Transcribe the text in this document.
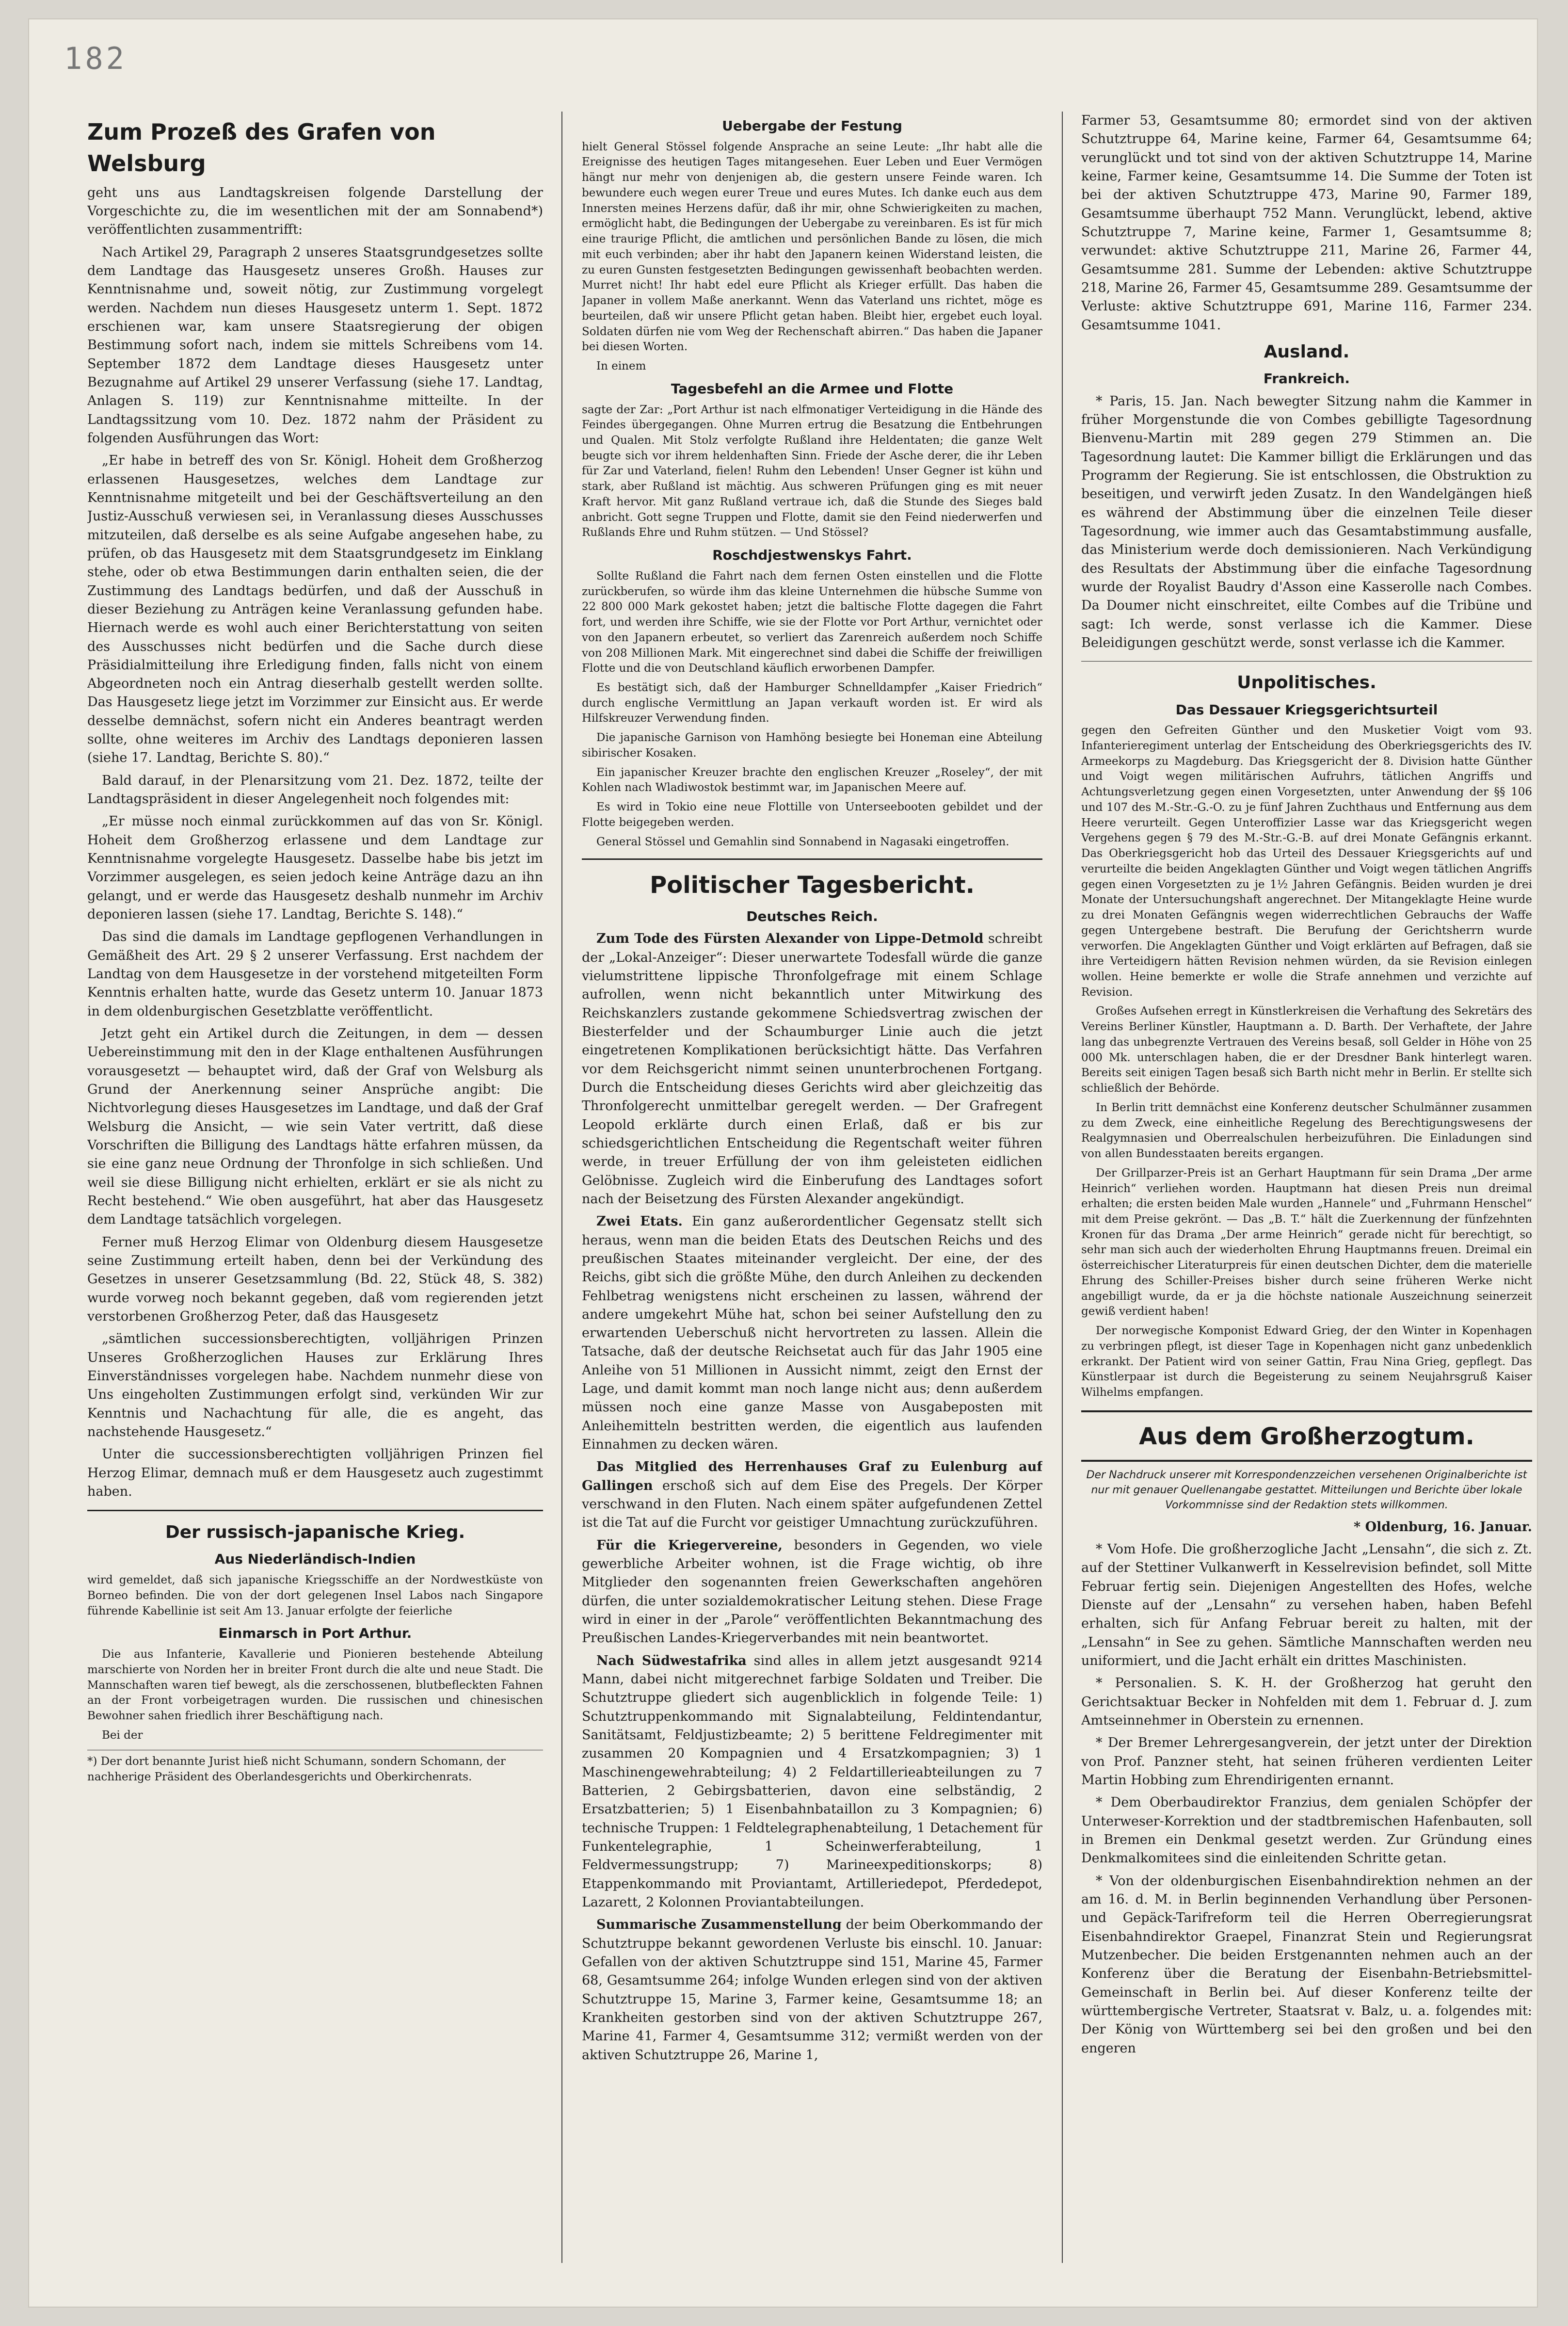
182
Zum Prozeß des Grafen von Welsburg

geht uns aus Landtagskreisen folgende Darstellung der Vorgeschichte zu, die im wesentlichen mit der am Sonnabend*) veröffentlichten zusammentrifft:

Nach Artikel 29, Paragraph 2 unseres Staatsgrundgesetzes sollte dem Landtage das Hausgesetz unseres Großh. Hauses zur Kenntnisnahme und, soweit nötig, zur Zustimmung vorgelegt werden. Nachdem nun dieses Hausgesetz unterm 1. Sept. 1872 erschienen war, kam unsere Staatsregierung der obigen Bestimmung sofort nach, indem sie mittels Schreibens vom 14. September 1872 dem Landtage dieses Hausgesetz unter Bezugnahme auf Artikel 29 unserer Verfassung (siehe 17. Landtag, Anlagen S. 119) zur Kenntnisnahme mitteilte. In der Landtagssitzung vom 10. Dez. 1872 nahm der Präsident zu folgenden Ausführungen das Wort:

„Er habe in betreff des von Sr. Königl. Hoheit dem Großherzog erlassenen Hausgesetzes, welches dem Landtage zur Kenntnisnahme mitgeteilt und bei der Geschäftsverteilung an den Justiz-Ausschuß verwiesen sei, in Veranlassung dieses Ausschusses mitzuteilen, daß derselbe es als seine Aufgabe angesehen habe, zu prüfen, ob das Hausgesetz mit dem Staatsgrundgesetz im Einklang stehe, oder ob etwa Bestimmungen darin enthalten seien, die der Zustimmung des Landtags bedürfen, und daß der Ausschuß in dieser Beziehung zu Anträgen keine Veranlassung gefunden habe. Hiernach werde es wohl auch einer Berichterstattung von seiten des Ausschusses nicht bedürfen und die Sache durch diese Präsidialmitteilung ihre Erledigung finden, falls nicht von einem Abgeordneten noch ein Antrag dieserhalb gestellt werden sollte. Das Hausgesetz liege jetzt im Vorzimmer zur Einsicht aus. Er werde desselbe demnächst, sofern nicht ein Anderes beantragt werden sollte, ohne weiteres im Archiv des Landtags deponieren lassen (siehe 17. Landtag, Berichte S. 80).“

Bald darauf, in der Plenarsitzung vom 21. Dez. 1872, teilte der Landtagspräsident in dieser Angelegenheit noch folgendes mit:

„Er müsse noch einmal zurückkommen auf das von Sr. Königl. Hoheit dem Großherzog erlassene und dem Landtage zur Kenntnisnahme vorgelegte Hausgesetz. Dasselbe habe bis jetzt im Vorzimmer ausgelegen, es seien jedoch keine Anträge dazu an ihn gelangt, und er werde das Hausgesetz deshalb nunmehr im Archiv deponieren lassen (siehe 17. Landtag, Berichte S. 148).“

Das sind die damals im Landtage gepflogenen Verhandlungen in Gemäßheit des Art. 29 § 2 unserer Verfassung. Erst nachdem der Landtag von dem Hausgesetze in der vorstehend mitgeteilten Form Kenntnis erhalten hatte, wurde das Gesetz unterm 10. Januar 1873 in dem oldenburgischen Gesetzblatte veröffentlicht.

Jetzt geht ein Artikel durch die Zeitungen, in dem — dessen Uebereinstimmung mit den in der Klage enthaltenen Ausführungen vorausgesetzt — behauptet wird, daß der Graf von Welsburg als Grund der Anerkennung seiner Ansprüche angibt: Die Nichtvorlegung dieses Hausgesetzes im Landtage, und daß der Graf Welsburg die Ansicht, — wie sein Vater vertritt, daß diese Vorschriften die Billigung des Landtags hätte erfahren müssen, da sie eine ganz neue Ordnung der Thronfolge in sich schließen. Und weil sie diese Billigung nicht erhielten, erklärt er sie als nicht zu Recht bestehend.“ Wie oben ausgeführt, hat aber das Hausgesetz dem Landtage tatsächlich vorgelegen.

Ferner muß Herzog Elimar von Oldenburg diesem Hausgesetze seine Zustimmung erteilt haben, denn bei der Verkündung des Gesetzes in unserer Gesetzsammlung (Bd. 22, Stück 48, S. 382) wurde vorweg noch bekannt gegeben, daß vom regierenden jetzt verstorbenen Großherzog Peter, daß das Hausgesetz

„sämtlichen successionsberechtigten, volljährigen Prinzen Unseres Großherzoglichen Hauses zur Erklärung Ihres Einverständnisses vorgelegen habe. Nachdem nunmehr diese von Uns eingeholten Zustimmungen erfolgt sind, verkünden Wir zur Kenntnis und Nachachtung für alle, die es angeht, das nachstehende Hausgesetz.“

Unter die successionsberechtigten volljährigen Prinzen fiel Herzog Elimar, demnach muß er dem Hausgesetz auch zugestimmt haben.

Der russisch-japanische Krieg.
Aus Niederländisch-Indien

wird gemeldet, daß sich japanische Kriegsschiffe an der Nordwestküste von Borneo befinden. Die von der dort gelegenen Insel Labos nach Singapore führende Kabellinie ist seit Am 13. Januar erfolgte der feierliche

Einmarsch in Port Arthur.

Die aus Infanterie, Kavallerie und Pionieren bestehende Abteilung marschierte von Norden her in breiter Front durch die alte und neue Stadt. Die Mannschaften waren tief bewegt, als die zerschossenen, blutbefleckten Fahnen an der Front vorbeigetragen wurden. Die russischen und chinesischen Bewohner sahen friedlich ihrer Beschäftigung nach.

Bei der

*) Der dort benannte Jurist hieß nicht Schumann, sondern Schomann, der nachherige Präsident des Oberlandesgerichts und Oberkirchenrats.
Uebergabe der Festung

hielt General Stössel folgende Ansprache an seine Leute: „Ihr habt alle die Ereignisse des heutigen Tages mitangesehen. Euer Leben und Euer Vermögen hängt nur mehr von denjenigen ab, die gestern unsere Feinde waren. Ich bewundere euch wegen eurer Treue und eures Mutes. Ich danke euch aus dem Innersten meines Herzens dafür, daß ihr mir, ohne Schwierigkeiten zu machen, ermöglicht habt, die Bedingungen der Uebergabe zu vereinbaren. Es ist für mich eine traurige Pflicht, die amtlichen und persönlichen Bande zu lösen, die mich mit euch verbinden; aber ihr habt den Japanern keinen Widerstand leisten, die zu euren Gunsten festgesetzten Bedingungen gewissenhaft beobachten werden. Murret nicht! Ihr habt edel eure Pflicht als Krieger erfüllt. Das haben die Japaner in vollem Maße anerkannt. Wenn das Vaterland uns richtet, möge es beurteilen, daß wir unsere Pflicht getan haben. Bleibt hier, ergebet euch loyal. Soldaten dürfen nie vom Weg der Rechenschaft abirren.“ Das haben die Japaner bei diesen Worten.

In einem

Tagesbefehl an die Armee und Flotte

sagte der Zar: „Port Arthur ist nach elfmonatiger Verteidigung in die Hände des Feindes übergegangen. Ohne Murren ertrug die Besatzung die Entbehrungen und Qualen. Mit Stolz verfolgte Rußland ihre Heldentaten; die ganze Welt beugte sich vor ihrem heldenhaften Sinn. Friede der Asche derer, die ihr Leben für Zar und Vaterland, fielen! Ruhm den Lebenden! Unser Gegner ist kühn und stark, aber Rußland ist mächtig. Aus schweren Prüfungen ging es mit neuer Kraft hervor. Mit ganz Rußland vertraue ich, daß die Stunde des Sieges bald anbricht. Gott segne Truppen und Flotte, damit sie den Feind niederwerfen und Rußlands Ehre und Ruhm stützen. — Und Stössel?

Roschdjestwenskys Fahrt.

Sollte Rußland die Fahrt nach dem fernen Osten einstellen und die Flotte zurückberufen, so würde ihm das kleine Unternehmen die hübsche Summe von 22 800 000 Mark gekostet haben; jetzt die baltische Flotte dagegen die Fahrt fort, und werden ihre Schiffe, wie sie der Flotte vor Port Arthur, vernichtet oder von den Japanern erbeutet, so verliert das Zarenreich außerdem noch Schiffe von 208 Millionen Mark. Mit eingerechnet sind dabei die Schiffe der freiwilligen Flotte und die von Deutschland käuflich erworbenen Dampfer.

Es bestätigt sich, daß der Hamburger Schnelldampfer „Kaiser Friedrich“ durch englische Vermittlung an Japan verkauft worden ist. Er wird als Hilfskreuzer Verwendung finden.

Die japanische Garnison von Hamhöng besiegte bei Honeman eine Abteilung sibirischer Kosaken.

Ein japanischer Kreuzer brachte den englischen Kreuzer „Roseley“, der mit Kohlen nach Wladiwostok bestimmt war, im Japanischen Meere auf.

Es wird in Tokio eine neue Flottille von Unterseebooten gebildet und der Flotte beigegeben werden.

General Stössel und Gemahlin sind Sonnabend in Nagasaki eingetroffen.

Politischer Tagesbericht.
Deutsches Reich.

Zum Tode des Fürsten Alexander von Lippe-Detmold schreibt der „Lokal-Anzeiger“: Dieser unerwartete Todesfall würde die ganze vielumstrittene lippische Thronfolgefrage mit einem Schlage aufrollen, wenn nicht bekanntlich unter Mitwirkung des Reichskanzlers zustande gekommene Schiedsvertrag zwischen der Biesterfelder und der Schaumburger Linie auch die jetzt eingetretenen Komplikationen berücksichtigt hätte. Das Verfahren vor dem Reichsgericht nimmt seinen ununterbrochenen Fortgang. Durch die Entscheidung dieses Gerichts wird aber gleichzeitig das Thronfolgerecht unmittelbar geregelt werden. — Der Grafregent Leopold erklärte durch einen Erlaß, daß er bis zur schiedsgerichtlichen Entscheidung die Regentschaft weiter führen werde, in treuer Erfüllung der von ihm geleisteten eidlichen Gelöbnisse. Zugleich wird die Einberufung des Landtages sofort nach der Beisetzung des Fürsten Alexander angekündigt.

Zwei Etats. Ein ganz außerordentlicher Gegensatz stellt sich heraus, wenn man die beiden Etats des Deutschen Reichs und des preußischen Staates miteinander vergleicht. Der eine, der des Reichs, gibt sich die größte Mühe, den durch Anleihen zu deckenden Fehlbetrag wenigstens nicht erscheinen zu lassen, während der andere umgekehrt Mühe hat, schon bei seiner Aufstellung den zu erwartenden Ueberschuß nicht hervortreten zu lassen. Allein die Tatsache, daß der deutsche Reichsetat auch für das Jahr 1905 eine Anleihe von 51 Millionen in Aussicht nimmt, zeigt den Ernst der Lage, und damit kommt man noch lange nicht aus; denn außerdem müssen noch eine ganze Masse von Ausgabeposten mit Anleihemitteln bestritten werden, die eigentlich aus laufenden Einnahmen zu decken wären.

Das Mitglied des Herrenhauses Graf zu Eulenburg auf Gallingen erschoß sich auf dem Eise des Pregels. Der Körper verschwand in den Fluten. Nach einem später aufgefundenen Zettel ist die Tat auf die Furcht vor geistiger Umnachtung zurückzuführen.

Für die Kriegervereine, besonders in Gegenden, wo viele gewerbliche Arbeiter wohnen, ist die Frage wichtig, ob ihre Mitglieder den sogenannten freien Gewerkschaften angehören dürfen, die unter sozialdemokratischer Leitung stehen. Diese Frage wird in einer in der „Parole“ veröffentlichten Bekanntmachung des Preußischen Landes-Kriegerverbandes mit nein beantwortet.

Nach Südwestafrika sind alles in allem jetzt ausgesandt 9214 Mann, dabei nicht mitgerechnet farbige Soldaten und Treiber. Die Schutztruppe gliedert sich augenblicklich in folgende Teile: 1) Schutztruppenkommando mit Signalabteilung, Feldintendantur, Sanitätsamt, Feldjustizbeamte; 2) 5 berittene Feldregimenter mit zusammen 20 Kompagnien und 4 Ersatzkompagnien; 3) 1 Maschinengewehrabteilung; 4) 2 Feldartillerieabteilungen zu 7 Batterien, 2 Gebirgsbatterien, davon eine selbständig, 2 Ersatzbatterien; 5) 1 Eisenbahnbataillon zu 3 Kompagnien; 6) technische Truppen: 1 Feldtelegraphenabteilung, 1 Detachement für Funkentelegraphie, 1 Scheinwerferabteilung, 1 Feldvermessungstrupp; 7) Marineexpeditionskorps; 8) Etappenkommando mit Proviantamt, Artilleriedepot, Pferdedepot, Lazarett, 2 Kolonnen Proviantabteilungen.

Summarische Zusammenstellung der beim Oberkommando der Schutztruppe bekannt gewordenen Verluste bis einschl. 10. Januar: Gefallen von der aktiven Schutztruppe sind 151, Marine 45, Farmer 68, Gesamtsumme 264; infolge Wunden erlegen sind von der aktiven Schutztruppe 15, Marine 3, Farmer keine, Gesamtsumme 18; an Krankheiten gestorben sind von der aktiven Schutztruppe 267, Marine 41, Farmer 4, Gesamtsumme 312; vermißt werden von der aktiven Schutztruppe 26, Marine 1,

Farmer 53, Gesamtsumme 80; ermordet sind von der aktiven Schutztruppe 64, Marine keine, Farmer 64, Gesamtsumme 64; verunglückt und tot sind von der aktiven Schutztruppe 14, Marine keine, Farmer keine, Gesamtsumme 14. Die Summe der Toten ist bei der aktiven Schutztruppe 473, Marine 90, Farmer 189, Gesamtsumme überhaupt 752 Mann. Verunglückt, lebend, aktive Schutztruppe 7, Marine keine, Farmer 1, Gesamtsumme 8; verwundet: aktive Schutztruppe 211, Marine 26, Farmer 44, Gesamtsumme 281. Summe der Lebenden: aktive Schutztruppe 218, Marine 26, Farmer 45, Gesamtsumme 289. Gesamtsumme der Verluste: aktive Schutztruppe 691, Marine 116, Farmer 234. Gesamtsumme 1041.

Ausland.
Frankreich.

* Paris, 15. Jan. Nach bewegter Sitzung nahm die Kammer in früher Morgenstunde die von Combes gebilligte Tagesordnung Bienvenu-Martin mit 289 gegen 279 Stimmen an. Die Tagesordnung lautet: Die Kammer billigt die Erklärungen und das Programm der Regierung. Sie ist entschlossen, die Obstruktion zu beseitigen, und verwirft jeden Zusatz. In den Wandelgängen hieß es während der Abstimmung über die einzelnen Teile dieser Tagesordnung, wie immer auch das Gesamtabstimmung ausfalle, das Ministerium werde doch demissionieren. Nach Verkündigung des Resultats der Abstimmung über die einfache Tagesordnung wurde der Royalist Baudry d'Asson eine Kasserolle nach Combes. Da Doumer nicht einschreitet, eilte Combes auf die Tribüne und sagt: Ich werde, sonst verlasse ich die Kammer. Diese Beleidigungen geschützt werde, sonst verlasse ich die Kammer.

Unpolitisches.
Das Dessauer Kriegsgerichtsurteil

gegen den Gefreiten Günther und den Musketier Voigt vom 93. Infanterieregiment unterlag der Entscheidung des Oberkriegsgerichts des IV. Armeekorps zu Magdeburg. Das Kriegsgericht der 8. Division hatte Günther und Voigt wegen militärischen Aufruhrs, tätlichen Angriffs und Achtungsverletzung gegen einen Vorgesetzten, unter Anwendung der §§ 106 und 107 des M.-Str.-G.-O. zu je fünf Jahren Zuchthaus und Entfernung aus dem Heere verurteilt. Gegen Unteroffizier Lasse war das Kriegsgericht wegen Vergehens gegen § 79 des M.-Str.-G.-B. auf drei Monate Gefängnis erkannt. Das Oberkriegsgericht hob das Urteil des Dessauer Kriegsgerichts auf und verurteilte die beiden Angeklagten Günther und Voigt wegen tätlichen Angriffs gegen einen Vorgesetzten zu je 1½ Jahren Gefängnis. Beiden wurden je drei Monate der Untersuchungshaft angerechnet. Der Mitangeklagte Heine wurde zu drei Monaten Gefängnis wegen widerrechtlichen Gebrauchs der Waffe gegen Untergebene bestraft. Die Berufung der Gerichtsherrn wurde verworfen. Die Angeklagten Günther und Voigt erklärten auf Befragen, daß sie ihre Verteidigern hätten Revision nehmen würden, da sie Revision einlegen wollen. Heine bemerkte er wolle die Strafe annehmen und verzichte auf Revision.

Großes Aufsehen erregt in Künstlerkreisen die Verhaftung des Sekretärs des Vereins Berliner Künstler, Hauptmann a. D. Barth. Der Verhaftete, der Jahre lang das unbegrenzte Vertrauen des Vereins besaß, soll Gelder in Höhe von 25 000 Mk. unterschlagen haben, die er der Dresdner Bank hinterlegt waren. Bereits seit einigen Tagen besaß sich Barth nicht mehr in Berlin. Er stellte sich schließlich der Behörde.

In Berlin tritt demnächst eine Konferenz deutscher Schulmänner zusammen zu dem Zweck, eine einheitliche Regelung des Berechtigungswesens der Realgymnasien und Oberrealschulen herbeizuführen. Die Einladungen sind von allen Bundesstaaten bereits ergangen.

Der Grillparzer-Preis ist an Gerhart Hauptmann für sein Drama „Der arme Heinrich“ verliehen worden. Hauptmann hat diesen Preis nun dreimal erhalten; die ersten beiden Male wurden „Hannele“ und „Fuhrmann Henschel“ mit dem Preise gekrönt. — Das „B. T.“ hält die Zuerkennung der fünfzehnten Kronen für das Drama „Der arme Heinrich“ gerade nicht für berechtigt, so sehr man sich auch der wiederholten Ehrung Hauptmanns freuen. Dreimal ein österreichischer Literaturpreis für einen deutschen Dichter, dem die materielle Ehrung des Schiller-Preises bisher durch seine früheren Werke nicht angebilligt wurde, da er ja die höchste nationale Auszeichnung seinerzeit gewiß verdient haben!

Der norwegische Komponist Edward Grieg, der den Winter in Kopenhagen zu verbringen pflegt, ist dieser Tage in Kopenhagen nicht ganz unbedenklich erkrankt. Der Patient wird von seiner Gattin, Frau Nina Grieg, gepflegt. Das Künstlerpaar ist durch die Begeisterung zu seinem Neujahrsgruß Kaiser Wilhelms empfangen.

Aus dem Großherzogtum.
Der Nachdruck unserer mit Korrespondenzzeichen versehenen Originalberichte ist nur mit genauer Quellenangabe gestattet. Mitteilungen und Berichte über lokale Vorkommnisse sind der Redaktion stets willkommen.

* Oldenburg, 16. Januar.

* Vom Hofe. Die großherzogliche Jacht „Lensahn“, die sich z. Zt. auf der Stettiner Vulkanwerft in Kesselrevision befindet, soll Mitte Februar fertig sein. Diejenigen Angestellten des Hofes, welche Dienste auf der „Lensahn“ zu versehen haben, haben Befehl erhalten, sich für Anfang Februar bereit zu halten, mit der „Lensahn“ in See zu gehen. Sämtliche Mannschaften werden neu uniformiert, und die Jacht erhält ein drittes Maschinisten.

* Personalien. S. K. H. der Großherzog hat geruht den Gerichtsaktuar Becker in Nohfelden mit dem 1. Februar d. J. zum Amtseinnehmer in Oberstein zu ernennen.

* Der Bremer Lehrergesangverein, der jetzt unter der Direktion von Prof. Panzner steht, hat seinen früheren verdienten Leiter Martin Hobbing zum Ehrendirigenten ernannt.

* Dem Oberbaudirektor Franzius, dem genialen Schöpfer der Unterweser-Korrektion und der stadtbremischen Hafenbauten, soll in Bremen ein Denkmal gesetzt werden. Zur Gründung eines Denkmalkomitees sind die einleitenden Schritte getan.

* Von der oldenburgischen Eisenbahndirektion nehmen an der am 16. d. M. in Berlin beginnenden Verhandlung über Personen- und Gepäck-Tarifreform teil die Herren Oberregierungsrat Eisenbahndirektor Graepel, Finanzrat Stein und Regierungsrat Mutzenbecher. Die beiden Erstgenannten nehmen auch an der Konferenz über die Beratung der Eisenbahn-Betriebsmittel-Gemeinschaft in Berlin bei. Auf dieser Konferenz teilte der württembergische Vertreter, Staatsrat v. Balz, u. a. folgendes mit: Der König von Württemberg sei bei den großen und bei den engeren
